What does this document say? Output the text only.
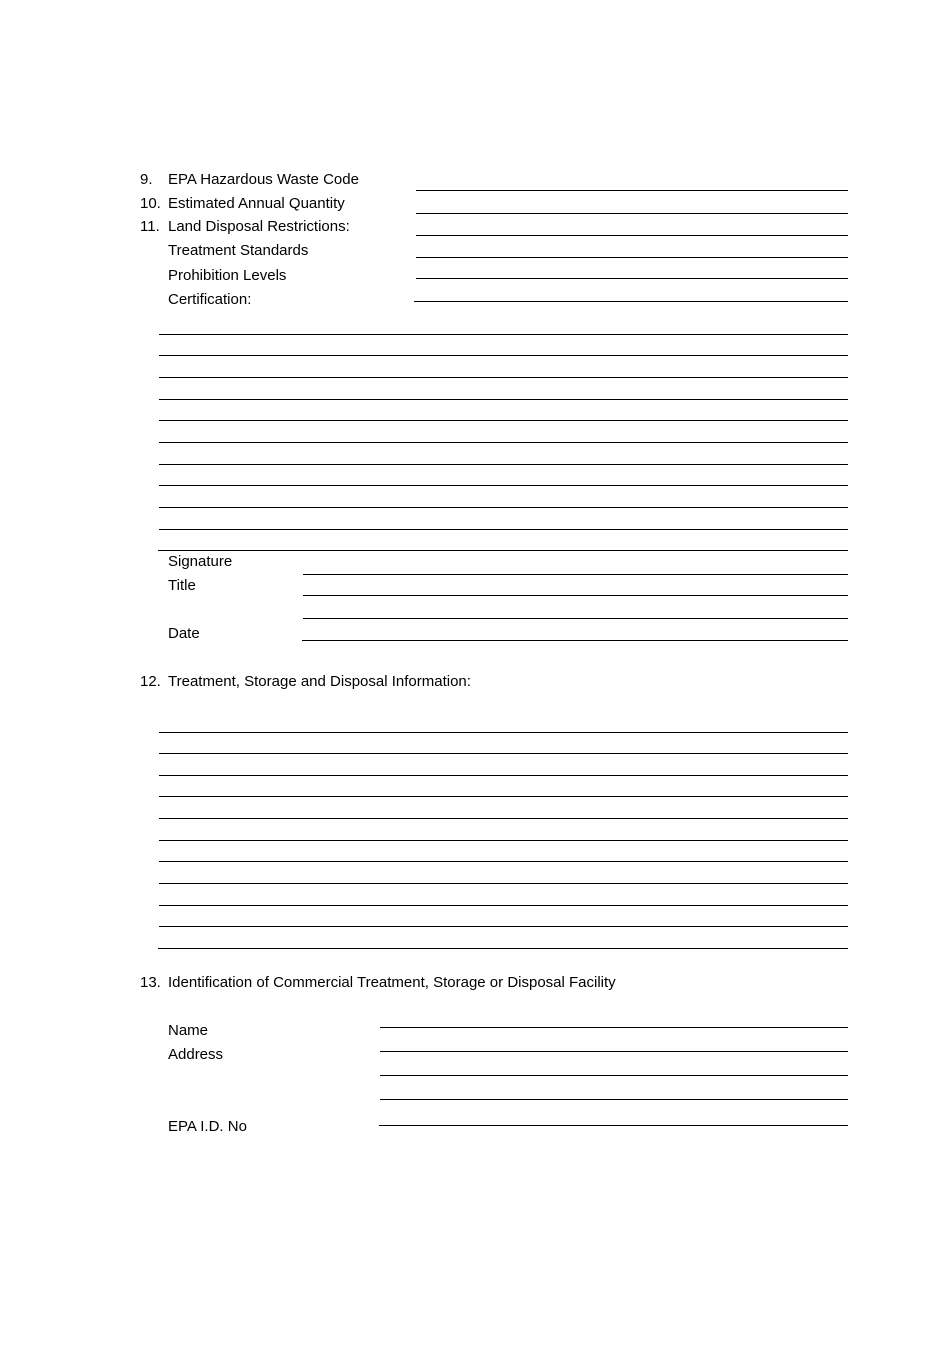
9. EPA Hazardous Waste Code
10. Estimated Annual Quantity
11. Land Disposal Restrictions:
Treatment Standards
Prohibition Levels
Certification:
Signature
Title
Date
12. Treatment, Storage and Disposal Information:
13. Identification of Commercial Treatment, Storage or Disposal Facility
Name
Address
EPA I.D. No
